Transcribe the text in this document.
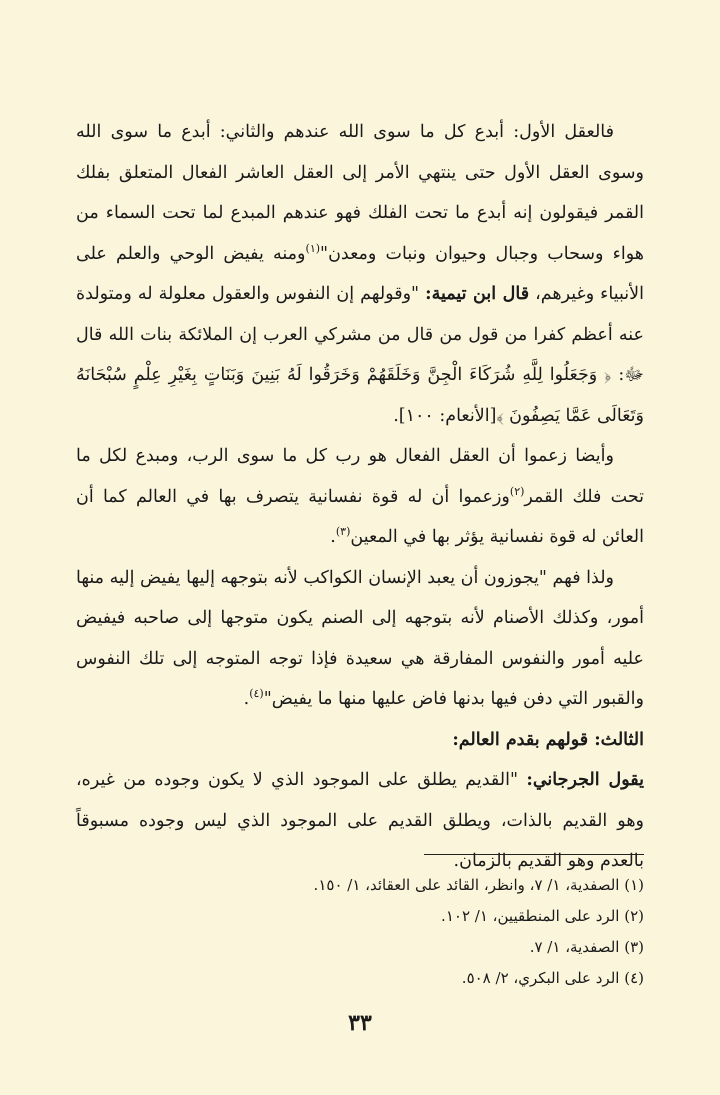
فالعقل الأول: أبدع كل ما سوى الله عندهم والثاني: أبدع ما سوى الله وسوى العقل الأول حتى ينتهي الأمر إلى العقل العاشر الفعال المتعلق بفلك القمر فيقولون إنه أبدع ما تحت الفلك فهو عندهم المبدع لما تحت السماء من هواء وسحاب وجبال وحيوان ونبات ومعدن"$^{(١)}$ومنه يفيض الوحي والعلم على الأنبياء وغيرهم، قال ابن تيمية: "وقولهم إن النفوس والعقول معلولة له ومتولدة عنه أعظم كفرا من قول من قال من مشركي العرب إن الملائكة بنات الله قال ﷻ: ﴿ وَجَعَلُوا لِلَّهِ شُرَكَاءَ الْجِنَّ وَخَلَقَهُمْ وَخَرَقُوا لَهُ بَنِينَ وَبَنَاتٍ بِغَيْرِ عِلْمٍ سُبْحَانَهُ وَتَعَالَى عَمَّا يَصِفُونَ ﴾[الأنعام: ١٠٠].

وأيضا زعموا أن العقل الفعال هو رب كل ما سوى الرب، ومبدع لكل ما تحت فلك القمر$^{(٢)}$وزعموا أن له قوة نفسانية يتصرف بها في العالم كما أن العائن له قوة نفسانية يؤثر بها في المعين$^{(٣)}$.

ولذا فهم "يجوزون أن يعبد الإنسان الكواكب لأنه بتوجهه إليها يفيض إليه منها أمور، وكذلك الأصنام لأنه بتوجهه إلى الصنم يكون متوجها إلى صاحبه فيفيض عليه أمور والنفوس المفارقة هي سعيدة فإذا توجه المتوجه إلى تلك النفوس والقبور التي دفن فيها بدنها فاض عليها منها ما يفيض"$^{(٤)}$.

الثالث: قولهم بقدم العالم:

يقول الجرجاني: "القديم يطلق على الموجود الذي لا يكون وجوده من غيره، وهو القديم بالذات، ويطلق القديم على الموجود الذي ليس وجوده مسبوقاً بالعدم وهو القديم بالزمان.

(١) الصفدية، ١/ ٧، وانظر، القائد على العقائد، ١/ ١٥٠.

(٢) الرد على المنطقيين، ١/ ١٠٢.

(٣) الصفدية، ١/ ٧.

(٤) الرد على البكري، ٢/ ٥٠٨.

٣٣
